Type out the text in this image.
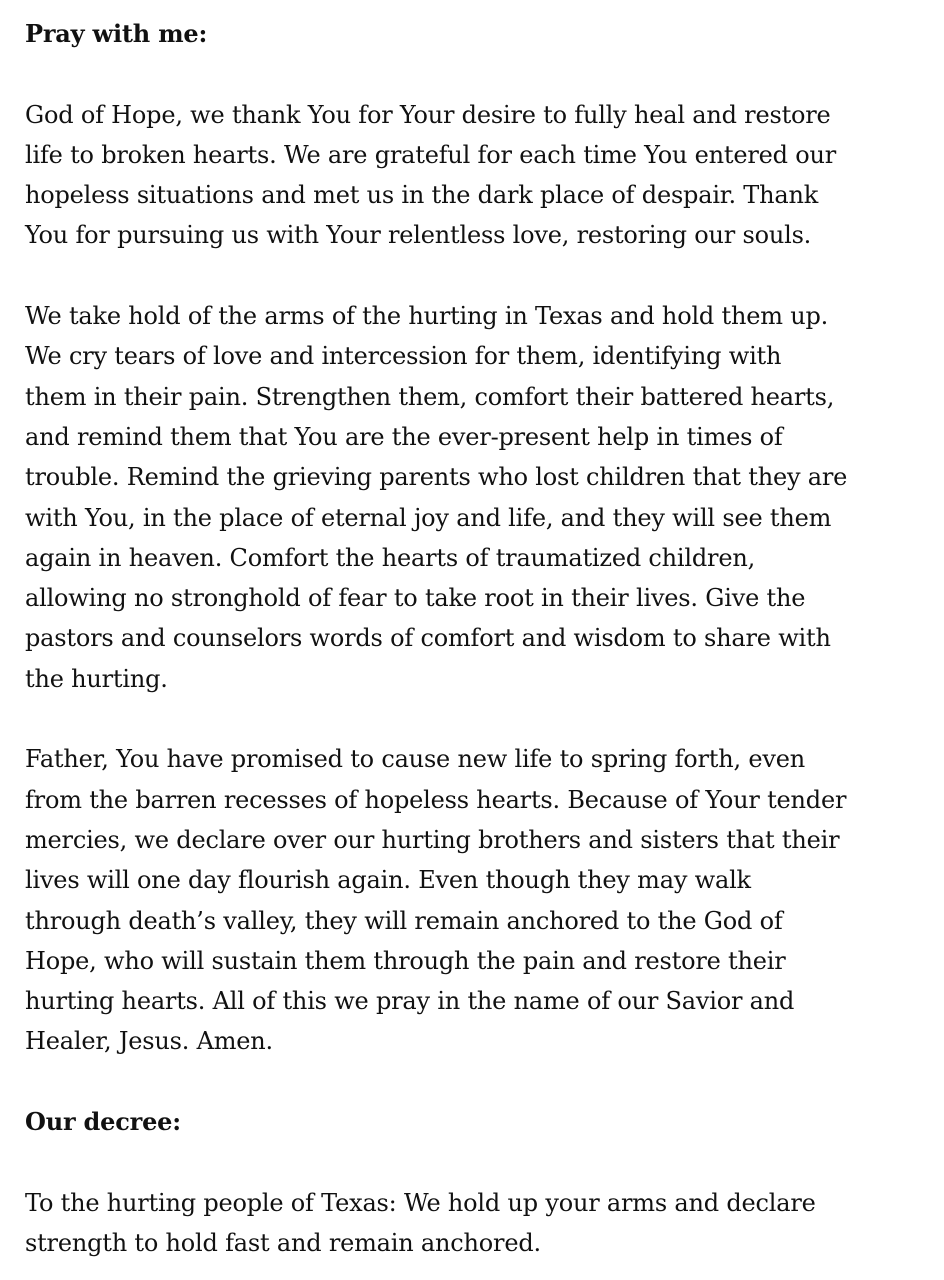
Pray with me:

God of Hope, we thank You for Your desire to fully heal and restore
life to broken hearts. We are grateful for each time You entered our
hopeless situations and met us in the dark place of despair. Thank
You for pursuing us with Your relentless love, restoring our souls.

We take hold of the arms of the hurting in Texas and hold them up.
We cry tears of love and intercession for them, identifying with
them in their pain. Strengthen them, comfort their battered hearts,
and remind them that You are the ever-present help in times of
trouble. Remind the grieving parents who lost children that they are
with You, in the place of eternal joy and life, and they will see them
again in heaven. Comfort the hearts of traumatized children,
allowing no stronghold of fear to take root in their lives. Give the
pastors and counselors words of comfort and wisdom to share with
the hurting.

Father, You have promised to cause new life to spring forth, even
from the barren recesses of hopeless hearts. Because of Your tender
mercies, we declare over our hurting brothers and sisters that their
lives will one day flourish again. Even though they may walk
through death’s valley, they will remain anchored to the God of
Hope, who will sustain them through the pain and restore their
hurting hearts. All of this we pray in the name of our Savior and
Healer, Jesus. Amen.

Our decree:

To the hurting people of Texas: We hold up your arms and declare
strength to hold fast and remain anchored.
